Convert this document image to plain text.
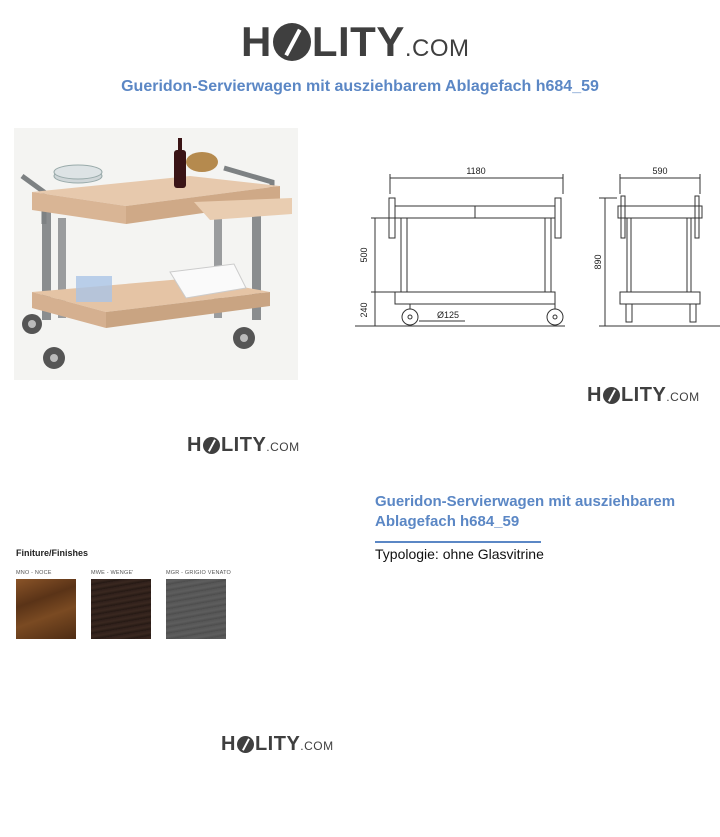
H LITY .COM
Gueridon-Servierwagen mit ausziehbarem Ablagefach h684_59
1180	590
890
500
240	Ø125
H LITY .COM
H LITY .COM
Gueridon-Servierwagen mit ausziehbarem Ablagefach h684_59
Typologie: ohne Glasvitrine
Finiture/Finishes
MNO - NOCE	MWE - WENGE'	MGR - GRIGIO VENATO
H LITY .COM
